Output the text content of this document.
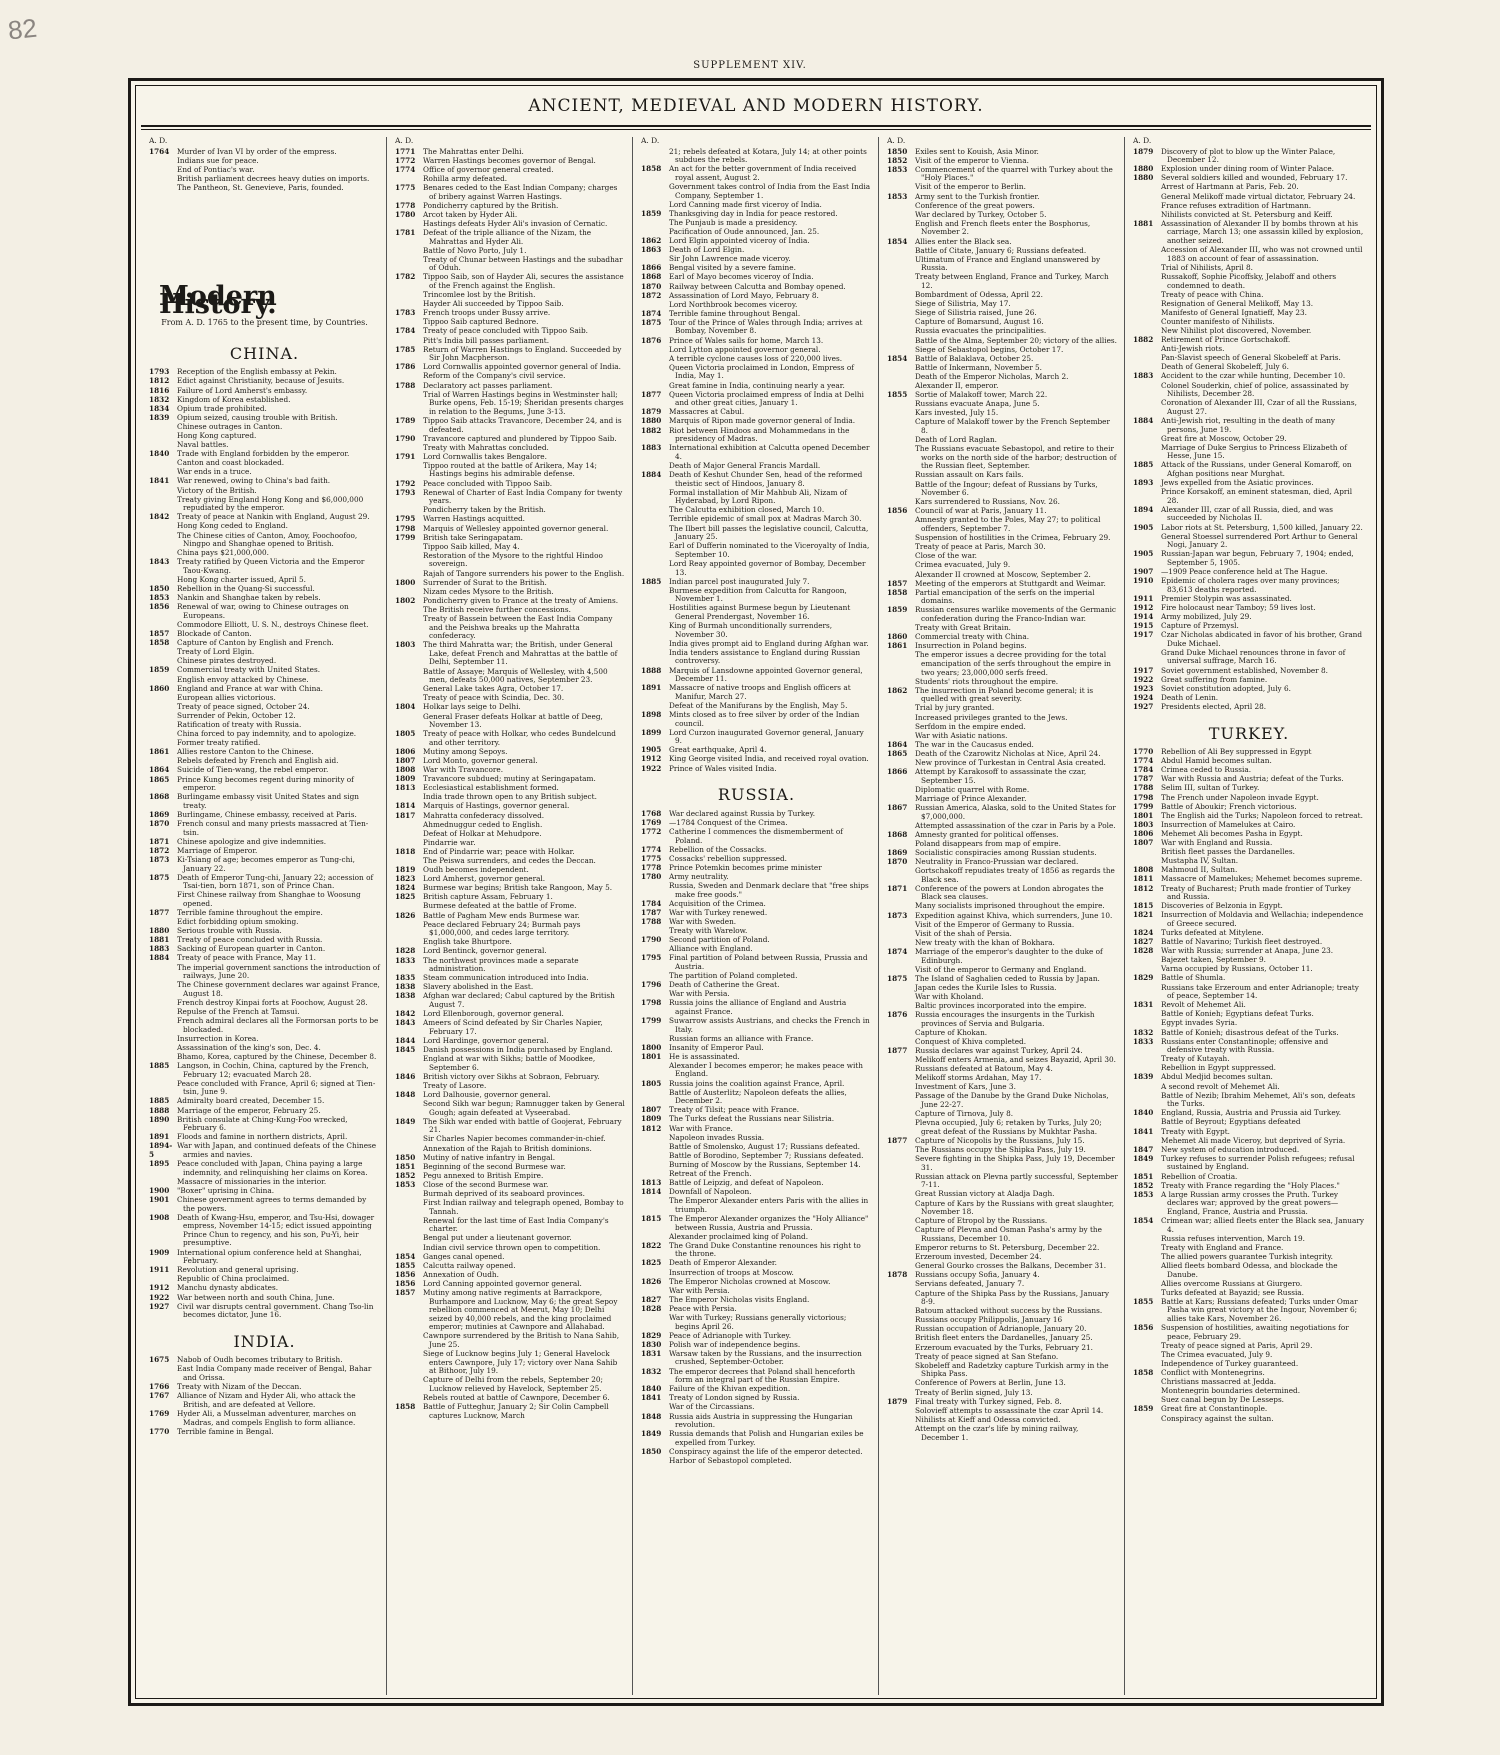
82
SUPPLEMENT XIV.
ANCIENT, MEDIEVAL AND MODERN HISTORY.
A. D.
1764	Murder of Ivan VI by order of the empress.
Indians sue for peace.
End of Pontiac's war.
British parliament decrees heavy duties on imports.
The Pantheon, St. Genevieve, Paris, founded.
Modern History.
From A. D. 1765 to the present time, by Countries.
CHINA.
1793	Reception of the English embassy at Pekin.
1812	Edict against Christianity, because of Jesuits.
1816	Failure of Lord Amherst's embassy.
1832	Kingdom of Korea established.
1834	Opium trade prohibited.
1839	Opium seized, causing trouble with British.
Chinese outrages in Canton.
Hong Kong captured.
Naval battles.
1840	Trade with England forbidden by the emperor.
Canton and coast blockaded.
War ends in a truce.
1841	War renewed, owing to China's bad faith.
Victory of the British.
Treaty giving England Hong Kong and $6,000,000 repudiated by the emperor.
1842	Treaty of peace at Nankin with England, August 29.
Hong Kong ceded to England.
The Chinese cities of Canton, Amoy, Foochoofoo, Ningpo and Shanghae opened to British.
China pays $21,000,000.
1843	Treaty ratified by Queen Victoria and the Emperor Taou-Kwang.
Hong Kong charter issued, April 5.
1850	Rebellion in the Quang-Si successful.
1853	Nankin and Shanghae taken by rebels.
1856	Renewal of war, owing to Chinese outrages on Europeans.
Commodore Elliott, U. S. N., destroys Chinese fleet.
1857	Blockade of Canton.
1858	Capture of Canton by English and French.
Treaty of Lord Elgin.
Chinese pirates destroyed.
1859	Commercial treaty with United States.
English envoy attacked by Chinese.
1860	England and France at war with China.
European allies victorious.
Treaty of peace signed, October 24.
Surrender of Pekin, October 12.
Ratification of treaty with Russia.
China forced to pay indemnity, and to apologize.
Former treaty ratified.
1861	Allies restore Canton to the Chinese.
Rebels defeated by French and English aid.
1864	Suicide of Tien-wang, the rebel emperor.
1865	Prince Kung becomes regent during minority of emperor.
1868	Burlingame embassy visit United States and sign treaty.
1869	Burlingame, Chinese embassy, received at Paris.
1870	French consul and many priests massacred at Tien-tsin.
1871	Chinese apologize and give indemnities.
1872	Marriage of Emperor.
1873	Ki-Tsiang of age; becomes emperor as Tung-chi, January 22.
1875	Death of Emperor Tung-chi, January 22; accession of Tsai-tien, born 1871, son of Prince Chan.
First Chinese railway from Shanghae to Woosung opened.
1877	Terrible famine throughout the empire.
Edict forbidding opium smoking.
1880	Serious trouble with Russia.
1881	Treaty of peace concluded with Russia.
1883	Sacking of European quarter in Canton.
1884	Treaty of peace with France, May 11.
The imperial government sanctions the introduction of railways, June 20.
The Chinese government declares war against France, August 18.
French destroy Kinpai forts at Foochow, August 28.
Repulse of the French at Tamsui.
French admiral declares all the Formorsan ports to be blockaded.
Insurrection in Korea.
Assassination of the king's son, Dec. 4.
Bhamo, Korea, captured by the Chinese, December 8.
1885	Langson, in Cochin, China, captured by the French, February 12; evacuated March 28.
Peace concluded with France, April 6; signed at Tien-tsin, June 9.
1885	Admiralty board created, December 15.
1888	Marriage of the emperor, February 25.
1890	British consulate at Ching-Kung-Foo wrecked, February 6.
1891	Floods and famine in northern districts, April.
1894-5
War with Japan, and continued defeats of the Chinese armies and navies.
1895	Peace concluded with Japan, China paying a large indemnity, and relinquishing her claims on Korea.
Massacre of missionaries in the interior.
1900	"Boxer" uprising in China.
1901	Chinese government agrees to terms demanded by the powers.
1908	Death of Kwang-Hsu, emperor, and Tsu-Hsi, dowager empress, November 14-15; edict issued appointing Prince Chun to regency, and his son, Pu-Yi, heir presumptive.
1909	International opium conference held at Shanghai, February.
1911	Revolution and general uprising.
Republic of China proclaimed.
1912	Manchu dynasty abdicates.
1922	War between north and south China, June.
1927	Civil war disrupts central government. Chang Tso-lin becomes dictator, June 16.
INDIA.
1675	Nabob of Oudh becomes tributary to British.
East India Company made receiver of Bengal, Bahar and Orissa.
1766	Treaty with Nizam of the Deccan.
1767	Alliance of Nizam and Hyder Ali, who attack the British, and are defeated at Vellore.
1769	Hyder Ali, a Musselman adventurer, marches on Madras, and compels English to form alliance.
1770	Terrible famine in Bengal.
A. D.
1771	The Mahrattas enter Delhi.
1772	Warren Hastings becomes governor of Bengal.
1774	Office of governor general created.
Rohilla army defeated.
1775	Benares ceded to the East Indian Company; charges of bribery against Warren Hastings.
1778	Pondicherry captured by the British.
1780	Arcot taken by Hyder Ali.
Hastings defeats Hyder Ali's invasion of Cernatic.
1781	Defeat of the triple alliance of the Nizam, the Mahrattas and Hyder Ali.
Battle of Novo Porto, July 1.
Treaty of Chunar between Hastings and the subadhar of Oduh.
1782	Tippoo Saib, son of Hayder Ali, secures the assistance of the French against the English.
Trincomlee lost by the British.
Hayder Ali succeeded by Tippoo Saib.
1783	French troops under Bussy arrive.
Tippoo Saib captured Bednore.
1784	Treaty of peace concluded with Tippoo Saib.
Pitt's India bill passes parliament.
1785	Return of Warren Hastings to England. Succeeded by Sir John Macpherson.
1786	Lord Cornwallis appointed governor general of India.
Reform of the Company's civil service.
1788	Declaratory act passes parliament.
Trial of Warren Hastings begins in Westminster hall; Burke opens, Feb. 15-19; Sheridan presents charges in relation to the Begums, June 3-13.
1789	Tippoo Saib attacks Travancore, December 24, and is defeated.
1790	Travancore captured and plundered by Tippoo Saib.
Treaty with Mahrattas concluded.
1791	Lord Cornwallis takes Bengalore.
Tippoo routed at the battle of Arikera, May 14; Hastings begins his admirable defense.
1792	Peace concluded with Tippoo Saib.
1793	Renewal of Charter of East India Company for twenty years.
Pondicherry taken by the British.
1795	Warren Hastings acquitted.
1798	Marquis of Wellesley appointed governor general.
1799	British take Seringapatam.
Tippoo Saib killed, May 4.
Restoration of the Mysore to the rightful Hindoo sovereign.
Rajah of Tangore surrenders his power to the English.
1800	Surrender of Surat to the British.
Nizam cedes Mysore to the British.
1802	Pondicherry given to France at the treaty of Amiens.
The British receive further concessions.
Treaty of Bassein between the East India Company and the Peishwa breaks up the Mahratta confederacy.
1803	The third Mahratta war; the British, under General Lake, defeat French and Mahrattas at the battle of Delhi, September 11.
Battle of Assaye; Marquis of Wellesley, with 4,500 men, defeats 50,000 natives, September 23.
General Lake takes Agra, October 17.
Treaty of peace with Scindia, Dec. 30.
1804	Holkar lays seige to Delhi.
General Fraser defeats Holkar at battle of Deeg, November 13.
1805	Treaty of peace with Holkar, who cedes Bundelcund and other territory.
1806	Mutiny among Sepoys.
1807	Lord Monto, governor general.
1808	War with Travancore.
1809	Travancore subdued; mutiny at Seringapatam.
1813	Ecclesiastical establishment formed.
India trade thrown open to any British subject.
1814	Marquis of Hastings, governor general.
1817	Mahratta confederacy dissolved.
Ahmednuggur ceded to English.
Defeat of Holkar at Mehudpore.
Pindarrie war.
1818	End of Pindarrie war; peace with Holkar.
The Peiswa surrenders, and cedes the Deccan.
1819	Oudh becomes independent.
1823	Lord Amherst, governor general.
1824	Burmese war begins; British take Rangoon, May 5.
1825	British capture Assam, February 1.
Burmese defeated at the battle of Frome.
1826	Battle of Pagham Mew ends Burmese war.
Peace declared February 24; Burmah pays $1,000,000, and cedes large territory.
English take Bhurtpore.
1828	Lord Bentinck, governor general.
1833	The northwest provinces made a separate administration.
1835	Steam communication introduced into India.
1838	Slavery abolished in the East.
1838	Afghan war declared; Cabul captured by the British August 7.
1842	Lord Ellenborough, governor general.
1843	Ameers of Scind defeated by Sir Charles Napier, February 17.
1844	Lord Hardinge, governor general.
1845	Danish possessions in India purchased by England.
England at war with Sikhs; battle of Moodkee, September 6.
1846	British victory over Sikhs at Sobraon, February.
Treaty of Lasore.
1848	Lord Dalhousie, governor general.
Second Sikh war begun; Ramnugger taken by General Gough; again defeated at Vyseerabad.
1849	The Sikh war ended with battle of Goojerat, February 21.
Sir Charles Napier becomes commander-in-chief.
Annexation of the Rajah to British dominions.
1850	Mutiny of native infantry in Bengal.
1851	Beginning of the second Burmese war.
1852	Pegu annexed to British Empire.
1853	Close of the second Burmese war.
Burmah deprived of its seaboard provinces.
First Indian railway and telegraph opened, Bombay to Tannah.
Renewal for the last time of East India Company's charter.
Bengal put under a lieutenant governor.
Indian civil service thrown open to competition.
1854	Ganges canal opened.
1855	Calcutta railway opened.
1856	Annexation of Oudh.
1856	Lord Canning appointed governor general.
1857	Mutiny among native regiments at Barrackpore, Burhampore and Lucknow, May 6; the great Sepoy rebellion commenced at Meerut, May 10; Delhi seized by 40,000 rebels, and the king proclaimed emperor; mutinies at Cawnpore and Allahabad.
Cawnpore surrendered by the British to Nana Sahib, June 25.
Siege of Lucknow begins July 1; General Havelock enters Cawnpore, July 17; victory over Nana Sahib at Bithoor, July 19.
Capture of Delhi from the rebels, September 20; Lucknow relieved by Havelock, September 25.
Rebels routed at battle of Cawnpore, December 6.
1858	Battle of Futteghur, January 2; Sir Colin Campbell captures Lucknow, March
A. D.
21; rebels defeated at Kotara, July 14; at other points subdues the rebels.
1858	An act for the better government of India received royal assent, August 2.
Government takes control of India from the East India Company, September 1.
Lord Canning made first viceroy of India.
1859	Thanksgiving day in India for peace restored.
The Punjaub is made a presidency.
Pacification of Oude announced, Jan. 25.
1862	Lord Elgin appointed viceroy of India.
1863	Death of Lord Elgin.
Sir John Lawrence made viceroy.
1866	Bengal visited by a severe famine.
1868	Earl of Mayo becomes viceroy of India.
1870	Railway between Calcutta and Bombay opened.
1872	Assassination of Lord Mayo, February 8.
Lord Northbrook becomes viceroy.
1874	Terrible famine throughout Bengal.
1875	Tour of the Prince of Wales through India; arrives at Bombay, November 8.
1876	Prince of Wales sails for home, March 13.
Lord Lytton appointed governor general.
A terrible cyclone causes loss of 220,000 lives.
Queen Victoria proclaimed in London, Empress of India, May 1.
Great famine in India, continuing nearly a year.
1877	Queen Victoria proclaimed empress of India at Delhi and other great cities, January 1.
1879	Massacres at Cabul.
1880	Marquis of Ripon made governor general of India.
1882	Riot between Hindoos and Mohammedans in the presidency of Madras.
1883	International exhibition at Calcutta opened December 4.
Death of Major General Francis Mardall.
1884	Death of Keshut Chunder Sen, head of the reformed theistic sect of Hindoos, January 8.
Formal installation of Mir Mahbub Ali, Nizam of Hyderabad, by Lord Ripon.
The Calcutta exhibition closed, March 10.
Terrible epidemic of small pox at Madras March 30.
The Ilbert bill passes the legislative council, Calcutta, January 25.
Earl of Dufferin nominated to the Viceroyalty of India, September 10.
Lord Reay appointed governor of Bombay, December 13.
1885	Indian parcel post inaugurated July 7.
Burmese expedition from Calcutta for Rangoon, November 1.
Hostilities against Burmese begun by Lieutenant General Prendergast, November 16.
King of Burmah unconditionally surrenders, November 30.
India gives prompt aid to England during Afghan war.
India tenders assistance to England during Russian controversy.
1888	Marquis of Lansdowne appointed Governor general, December 11.
1891	Massacre of native troops and English officers at Manifur, March 27.
Defeat of the Manifurans by the English, May 5.
1898	Mints closed as to free silver by order of the Indian council.
1899	Lord Curzon inaugurated Governor general, January 9.
1905	Great earthquake, April 4.
1912	King George visited India, and received royal ovation.
1922	Prince of Wales visited India.
RUSSIA.
1768	War declared against Russia by Turkey.
1769	—1784 Conquest of the Crimea.
1772	Catherine I commences the dismemberment of Poland.
1774	Rebellion of the Cossacks.
1775	Cossacks' rebellion suppressed.
1778	Prince Potemkin becomes prime minister
1780	Army neutrality.
Russia, Sweden and Denmark declare that "free ships make free goods."
1784	Acquisition of the Crimea.
1787	War with Turkey renewed.
1788	War with Sweden.
Treaty with Warelow.
1790	Second partition of Poland.
Alliance with England.
1795	Final partition of Poland between Russia, Prussia and Austria.
The partition of Poland completed.
1796	Death of Catherine the Great.
War with Persia.
1798	Russia joins the alliance of England and Austria against France.
1799	Suwarrow assists Austrians, and checks the French in Italy.
Russian forms an alliance with France.
1800	Insanity of Emperor Paul.
1801	He is assassinated.
Alexander I becomes emperor; he makes peace with England.
1805	Russia joins the coalition against France, April.
Battle of Austerlitz; Napoleon defeats the allies, December 2.
1807	Treaty of Tilsit; peace with France.
1809	The Turks defeat the Russians near Silistria.
1812	War with France.
Napoleon invades Russia.
Battle of Smolensko, August 17; Russians defeated.
Battle of Borodino, September 7; Russians defeated.
Burning of Moscow by the Russians, September 14.
Retreat of the French.
1813	Battle of Leipzig, and defeat of Napoleon.
1814	Downfall of Napoleon.
The Emperor Alexander enters Paris with the allies in triumph.
1815	The Emperor Alexander organizes the "Holy Alliance" between Russia, Austria and Prussia.
Alexander proclaimed king of Poland.
1822	The Grand Duke Constantine renounces his right to the throne.
1825	Death of Emperor Alexander.
Insurrection of troops at Moscow.
1826	The Emperor Nicholas crowned at Moscow.
War with Persia.
1827	The Emperor Nicholas visits England.
1828	Peace with Persia.
War with Turkey; Russians generally victorious; begins April 26.
1829	Peace of Adrianople with Turkey.
1830	Polish war of independence begins.
1831	Warsaw taken by the Russians, and the insurrection crushed, September-October.
1832	The emperor decrees that Poland shall henceforth form an integral part of the Russian Empire.
1840	Failure of the Khivan expedition.
1841	Treaty of London signed by Russia.
War of the Circassians.
1848	Russia aids Austria in suppressing the Hungarian revolution.
1849	Russia demands that Polish and Hungarian exiles be expelled from Turkey.
1850	Conspiracy against the life of the emperor detected.
Harbor of Sebastopol completed.
A. D.
1850	Exiles sent to Kouish, Asia Minor.
1852	Visit of the emperor to Vienna.
1853	Commencement of the quarrel with Turkey about the "Holy Places."
Visit of the emperor to Berlin.
1853	Army sent to the Turkish frontier.
Conference of the great powers.
War declared by Turkey, October 5.
English and French fleets enter the Bosphorus, November 2.
1854	Allies enter the Black sea.
Battle of Citate, January 6; Russians defeated.
Ultimatum of France and England unanswered by Russia.
Treaty between England, France and Turkey, March 12.
Bombardment of Odessa, April 22.
Siege of Silistria, May 17.
Siege of Silistria raised, June 26.
Capture of Bomarsund, August 16.
Russia evacuates the principalities.
Battle of the Alma, September 20; victory of the allies.
Siege of Sebastopol begins, October 17.
1854	Battle of Balaklava, October 25.
Battle of Inkermann, November 5.
Death of the Emperor Nicholas, March 2.
Alexander II, emperor.
1855	Sortie of Malakoff tower, March 22.
Russians evacuate Anapa, June 5.
Kars invested, July 15.
Capture of Malakoff tower by the French September 8.
Death of Lord Raglan.
The Russians evacuate Sebastopol, and retire to their works on the north side of the harbor; destruction of the Russian fleet, September.
Russian assault on Kars fails.
Battle of the Ingour; defeat of Russians by Turks, November 6.
Kars surrendered to Russians, Nov. 26.
1856	Council of war at Paris, January 11.
Amnesty granted to the Poles, May 27; to political offenders, September 7.
Suspension of hostilities in the Crimea, February 29.
Treaty of peace at Paris, March 30.
Close of the war.
Crimea evacuated, July 9.
Alexander II crowned at Moscow, September 2.
1857	Meeting of the emperors at Stuttgardt and Weimar.
1858	Partial emancipation of the serfs on the imperial domains.
1859	Russian censures warlike movements of the Germanic confederation during the Franco-Indian war.
Treaty with Great Britain.
1860	Commercial treaty with China.
1861	Insurrection in Poland begins.
The emperor issues a decree providing for the total emancipation of the serfs throughout the empire in two years; 23,000,000 serfs freed.
Students' riots throughout the empire.
1862	The insurrection in Poland become general; it is quelled with great severity.
Trial by jury granted.
Increased privileges granted to the Jews.
Serfdom in the empire ended.
War with Asiatic nations.
1864	The war in the Caucasus ended.
1865	Death of the Czarowitz Nicholas at Nice, April 24.
New province of Turkestan in Central Asia created.
1866	Attempt by Karakosoff to assassinate the czar, September 15.
Diplomatic quarrel with Rome.
Marriage of Prince Alexander.
1867	Russian America, Alaska, sold to the United States for $7,000,000.
Attempted assassination of the czar in Paris by a Pole.
1868	Amnesty granted for political offenses.
Poland disappears from map of empire.
1869	Socialistic conspiracies among Russian students.
1870	Neutrality in Franco-Prussian war declared.
Gortschakoff repudiates treaty of 1856 as regards the Black sea.
1871	Conference of the powers at London abrogates the Black sea clauses.
Many socialists imprisoned throughout the empire.
1873	Expedition against Khiva, which surrenders, June 10.
Visit of the Emperor of Germany to Russia.
Visit of the shah of Persia.
New treaty with the khan of Bokhara.
1874	Marriage of the emperor's daughter to the duke of Edinburgh.
Visit of the emperor to Germany and England.
1875	The Island of Saghalien ceded to Russia by Japan.
Japan cedes the Kurile Isles to Russia.
War with Kholand.
Baltic provinces incorporated into the empire.
1876	Russia encourages the insurgents in the Turkish provinces of Servia and Bulgaria.
Capture of Khokan.
Conquest of Khiva completed.
1877	Russia declares war against Turkey, April 24.
Melikoff enters Armenia, and seizes Bayazid, April 30.
Russians defeated at Batoum, May 4.
Melikoff storms Ardahan, May 17.
Investment of Kars, June 3.
Passage of the Danube by the Grand Duke Nicholas, June 22-27.
Capture of Tirnova, July 8.
Plevna occupied, July 6; retaken by Turks, July 20; great defeat of the Russians by Mukhtar Pasha.
1877	Capture of Nicopolis by the Russians, July 15.
The Russians occupy the Shipka Pass, July 19.
Severe fighting in the Shipka Pass, July 19, December 31.
Russian attack on Plevna partly successful, September 7-11.
Great Russian victory at Aladja Dagh.
Capture of Kars by the Russians with great slaughter, November 18.
Capture of Etropol by the Russians.
Capture of Plevna and Osman Pasha's army by the Russians, December 10.
Emperor returns to St. Petersburg, December 22.
Erzeroum invested, December 24.
General Gourko crosses the Balkans, December 31.
1878	Russians occupy Sofia, January 4.
Servians defeated, January 7.
Capture of the Shipka Pass by the Russians, January 8-9.
Batoum attacked without success by the Russians.
Russians occupy Philippolis, January 16
Russian occupation of Adrianople, January 20.
British fleet enters the Dardanelles, January 25.
Erzeroum evacuated by the Turks, February 21.
Treaty of peace signed at San Stefano.
Skobeleff and Radetzky capture Turkish army in the Shipka Pass.
Conference of Powers at Berlin, June 13.
Treaty of Berlin signed, July 13.
1879	Final treaty with Turkey signed, Feb. 8.
Solovieff attempts to assassinate the czar April 14.
Nihilists at Kieff and Odessa convicted.
Attempt on the czar's life by mining railway, December 1.
A. D.
1879	Discovery of plot to blow up the Winter Palace, December 12.
1880	Explosion under dining room of Winter Palace.
1880	Several soldiers killed and wounded, February 17.
Arrest of Hartmann at Paris, Feb. 20.
General Melikoff made virtual dictator, February 24.
France refuses extradition of Hartmann.
Nihilists convicted at St. Petersburg and Keiff.
1881	Assassination of Alexander II by bombs thrown at his carriage, March 13; one assassin killed by explosion, another seized.
Accession of Alexander III, who was not crowned until 1883 on account of fear of assassination.
Trial of Nihilists, April 8.
Russakoff, Sophie Picoffsky, Jelaboff and others condemned to death.
Treaty of peace with China.
Resignation of General Melikoff, May 13.
Manifesto of General Ignatieff, May 23.
Counter manifesto of Nihilists.
New Nihilist plot discovered, November.
1882	Retirement of Prince Gortschakoff.
Anti-Jewish riots.
Pan-Slavist speech of General Skobeleff at Paris.
Death of General Skobeleff, July 6.
1883	Accident to the czar while hunting, December 10.
Colonel Souderkin, chief of police, assassinated by Nihilists, December 28.
Coronation of Alexander III, Czar of all the Russians, August 27.
1884	Anti-Jewish riot, resulting in the death of many persons, June 19.
Great fire at Moscow, October 29.
Marriage of Duke Sergius to Princess Elizabeth of Hesse, June 15.
1885	Attack of the Russians, under General Komaroff, on Afghan positions near Murghat.
1893	Jews expelled from the Asiatic provinces.
Prince Korsakoff, an eminent statesman, died, April 28.
1894	Alexander III, czar of all Russia, died, and was succeeded by Nicholas II.
1905	Labor riots at St. Petersburg, 1,500 killed, January 22.
General Stoessel surrendered Port Arthur to General Nogi, January 2.
1905	Russian-Japan war begun, February 7, 1904; ended, September 5, 1905.
1907	—1909 Peace conference held at The Hague.
1910	Epidemic of cholera rages over many provinces; 83,613 deaths reported.
1911	Premier Stolypin was assassinated.
1912	Fire holocaust near Tamboy; 59 lives lost.
1914	Army mobilized, July 29.
1915	Capture of Przemysl.
1917	Czar Nicholas abdicated in favor of his brother, Grand Duke Michael.
Grand Duke Michael renounces throne in favor of universal suffrage, March 16.
1917	Soviet government established, November 8.
1922	Great suffering from famine.
1923	Soviet constitution adopted, July 6.
1924	Death of Lenin.
1927	Presidents elected, April 28.
TURKEY.
1770	Rebellion of Ali Bey suppressed in Egypt
1774	Abdul Hamid becomes sultan.
1784	Crimea ceded to Russia.
1787	War with Russia and Austria; defeat of the Turks.
1788	Selim III, sultan of Turkey.
1798	The French under Napoleon invade Egypt.
1799	Battle of Aboukir; French victorious.
1801	The English aid the Turks; Napoleon forced to retreat.
1803	Insurrection of Mamelukes at Cairo.
1806	Mehemet Ali becomes Pasha in Egypt.
1807	War with England and Russia.
British fleet passes the Dardanelles.
Mustapha IV, Sultan.
1808	Mahmoud II, Sultan.
1811	Massacre of Mamelukes; Mehemet becomes supreme.
1812	Treaty of Bucharest; Pruth made frontier of Turkey and Russia.
1815	Discoveries of Belzonia in Egypt.
1821	Insurrection of Moldavia and Wellachia; independence of Greece secured.
1824	Turks defeated at Mitylene.
1827	Battle of Navarino; Turkish fleet destroyed.
1828	War with Russia; surrender at Anapa, June 23.
Bajezet taken, September 9.
Varna occupied by Russians, October 11.
1829	Battle of Shumla.
Russians take Erzeroum and enter Adrianople; treaty of peace, September 14.
1831	Revolt of Mehemet Ali.
Battle of Konieh; Egyptians defeat Turks.
Egypt invades Syria.
1832	Battle of Konieh; disastrous defeat of the Turks.
1833	Russians enter Constantinople; offensive and defensive treaty with Russia.
Treaty of Kutayah.
Rebellion in Egypt suppressed.
1839	Abdul Medjid becomes sultan.
A second revolt of Mehemet Ali.
Battle of Nezib; Ibrahim Mehemet, Ali's son, defeats the Turks.
1840	England, Russia, Austria and Prussia aid Turkey.
Battle of Beyrout; Egyptians defeated
1841	Treaty with Egypt.
Mehemet Ali made Viceroy, but deprived of Syria.
1847	New system of education introduced.
1849	Turkey refuses to surrender Polish refugees; refusal sustained by England.
1851	Rebellion of Croatia.
1852	Treaty with France regarding the "Holy Places."
1853	A large Russian army crosses the Pruth. Turkey declares war; approved by the great powers—England, France, Austria and Prussia.
1854	Crimean war; allied fleets enter the Black sea, January 4.
Russia refuses intervention, March 19.
Treaty with England and France.
The allied powers guarantee Turkish integrity.
Allied fleets bombard Odessa, and blockade the Danube.
Allies overcome Russians at Giurgero.
Turks defeated at Bayazid; see Russia.
1855	Battle at Kars; Russians defeated; Turks under Omar Pasha win great victory at the Ingour, November 6; allies take Kars, November 26.
1856	Suspension of hostilities, awaiting negotiations for peace, February 29.
Treaty of peace signed at Paris, April 29.
The Crimea evacuated, July 9.
Independence of Turkey guaranteed.
1858	Conflict with Montenegrins.
Christians massacred at Jedda.
Montenegrin boundaries determined.
Suez canal begun by De Lesseps.
1859	Great fire at Constantinople.
Conspiracy against the sultan.
